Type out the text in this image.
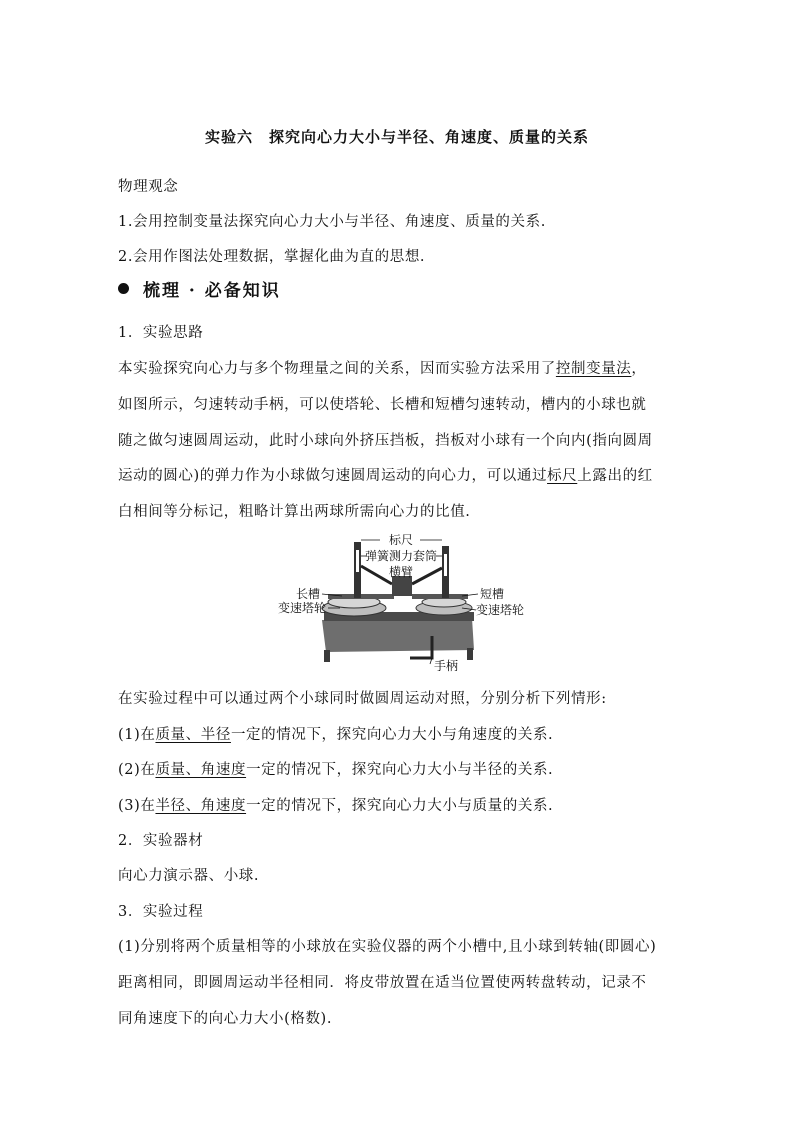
实验六　探究向心力大小与半径、角速度、质量的关系
物理观念
1.会用控制变量法探究向心力大小与半径、角速度、质量的关系.
2.会用作图法处理数据，掌握化曲为直的思想.
梳理 · 必备知识
1．实验思路
本实验探究向心力与多个物理量之间的关系，因而实验方法采用了控制变量法，
如图所示，匀速转动手柄，可以使塔轮、长槽和短槽匀速转动，槽内的小球也就
随之做匀速圆周运动，此时小球向外挤压挡板，挡板对小球有一个向内(指向圆周
运动的圆心)的弹力作为小球做匀速圆周运动的向心力，可以通过标尺上露出的红
白相间等分标记，粗略计算出两球所需向心力的比值.
标尺
弹簧测力套筒
横臂
长槽
变速塔轮
短槽
变速塔轮
手柄
在实验过程中可以通过两个小球同时做圆周运动对照，分别分析下列情形:
(1)在质量、半径一定的情况下，探究向心力大小与角速度的关系.
(2)在质量、角速度一定的情况下，探究向心力大小与半径的关系.
(3)在半径、角速度一定的情况下，探究向心力大小与质量的关系.
2．实验器材
向心力演示器、小球.
3．实验过程
(1)分别将两个质量相等的小球放在实验仪器的两个小槽中,且小球到转轴(即圆心)
距离相同，即圆周运动半径相同．将皮带放置在适当位置使两转盘转动，记录不
同角速度下的向心力大小(格数).
